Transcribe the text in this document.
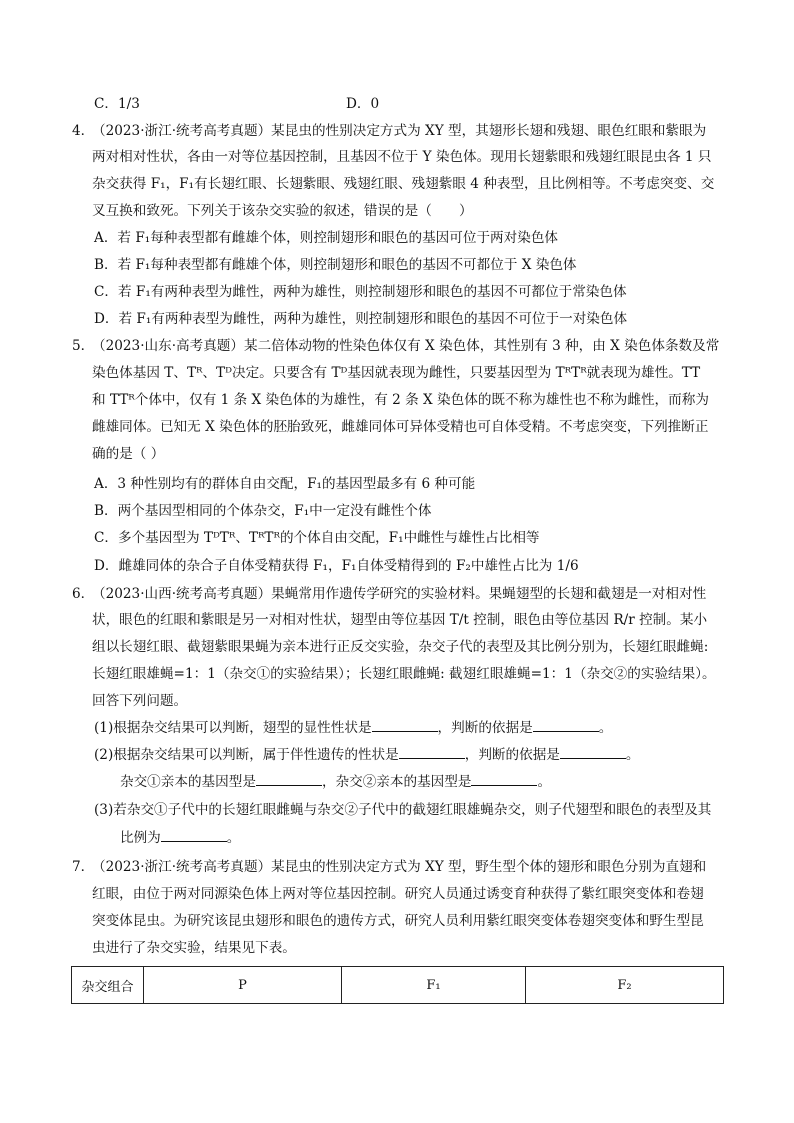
C．1/3	D．0
4．
（2023·浙江·统考高考真题）某昆虫的性别决定方式为 XY 型，其翅形长翅和残翅、眼色红眼和紫眼为
两对相对性状，各由一对等位基因控制，且基因不位于 Y 染色体。现用长翅紫眼和残翅红眼昆虫各 1 只
杂交获得 F₁，F₁有长翅红眼、长翅紫眼、残翅红眼、残翅紫眼 4 种表型，且比例相等。不考虑突变、交
叉互换和致死。下列关于该杂交实验的叙述，错误的是（　　）
A．若 F₁每种表型都有雌雄个体，则控制翅形和眼色的基因可位于两对染色体
B．若 F₁每种表型都有雌雄个体，则控制翅形和眼色的基因不可都位于 X 染色体
C．若 F₁有两种表型为雌性，两种为雄性，则控制翅形和眼色的基因不可都位于常染色体
D．若 F₁有两种表型为雌性，两种为雄性，则控制翅形和眼色的基因不可位于一对染色体
5．
（2023·山东·高考真题）某二倍体动物的性染色体仅有 X 染色体，其性别有 3 种，由 X 染色体条数及常
染色体基因 T、Tᴿ、Tᴰ决定。只要含有 Tᴰ基因就表现为雌性，只要基因型为 TᴿTᴿ就表现为雄性。TT
和 TTᴿ个体中，仅有 1 条 X 染色体的为雄性，有 2 条 X 染色体的既不称为雄性也不称为雌性，而称为
雌雄同体。已知无 X 染色体的胚胎致死，雌雄同体可异体受精也可自体受精。不考虑突变，下列推断正
确的是（ ）
A．3 种性别均有的群体自由交配，F₁的基因型最多有 6 种可能
B．两个基因型相同的个体杂交，F₁中一定没有雌性个体
C．多个基因型为 TᴰTᴿ、TᴿTᴿ的个体自由交配，F₁中雌性与雄性占比相等
D．雌雄同体的杂合子自体受精获得 F₁，F₁自体受精得到的 F₂中雄性占比为 1/6
6．
（2023·山西·统考高考真题）果蝇常用作遗传学研究的实验材料。果蝇翅型的长翅和截翅是一对相对性
状，眼色的红眼和紫眼是另一对相对性状，翅型由等位基因 T/t 控制，眼色由等位基因 R/r 控制。某小
组以长翅红眼、截翅紫眼果蝇为亲本进行正反交实验，杂交子代的表型及其比例分别为，长翅红眼雌蝇:
长翅红眼雄蝇=1：1（杂交①的实验结果）；长翅红眼雌蝇: 截翅红眼雄蝇=1：1（杂交②的实验结果）。
回答下列问题。
(1)根据杂交结果可以判断，翅型的显性性状是	，判断的依据是	。
(2)根据杂交结果可以判断，属于伴性遗传的性状是	，判断的依据是	。
杂交①亲本的基因型是	，杂交②亲本的基因型是	。
(3)若杂交①子代中的长翅红眼雌蝇与杂交②子代中的截翅红眼雄蝇杂交，则子代翅型和眼色的表型及其
比例为	。
7．
（2023·浙江·统考高考真题）某昆虫的性别决定方式为 XY 型，野生型个体的翅形和眼色分别为直翅和
红眼，由位于两对同源染色体上两对等位基因控制。研究人员通过诱变育种获得了紫红眼突变体和卷翅
突变体昆虫。为研究该昆虫翅形和眼色的遗传方式，研究人员利用紫红眼突变体卷翅突变体和野生型昆
虫进行了杂交实验，结果见下表。
杂交组合	P	F₁	F₂
